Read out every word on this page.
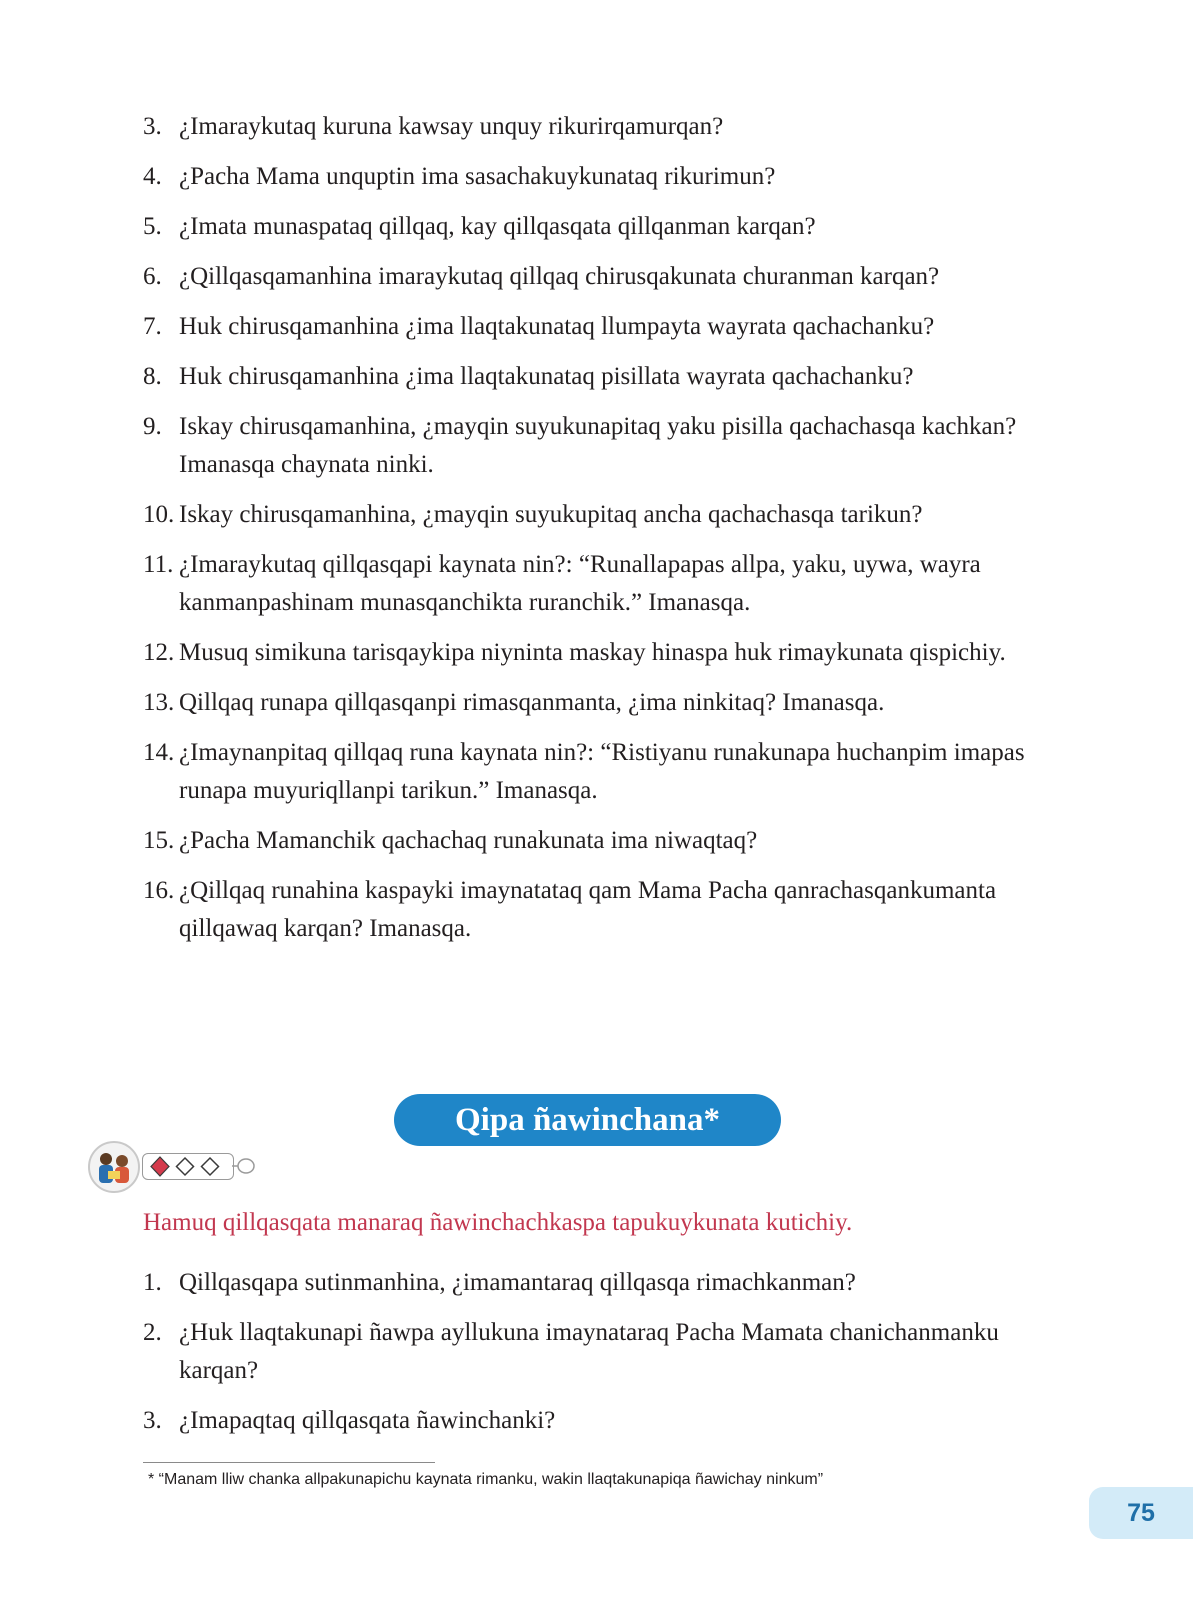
3. ¿Imaraykutaq kuruna kawsay unquy rikurirqamurqan?
4. ¿Pacha Mama unquptin ima sasachakuykunataq rikurimun?
5. ¿Imata munaspataq qillqaq, kay qillqasqata qillqanman karqan?
6. ¿Qillqasqamanhina imaraykutaq qillqaq chirusqakunata churanman karqan?
7. Huk chirusqamanhina ¿ima llaqtakunataq llumpayta wayrata qachachanku?
8. Huk chirusqamanhina ¿ima llaqtakunataq pisillata wayrata qachachanku?
9. Iskay chirusqamanhina, ¿mayqin suyukunapitaq yaku pisilla qachachasqa kachkan? Imanasqa chaynata ninki.
10. Iskay chirusqamanhina, ¿mayqin suyukupitaq ancha qachachasqa tarikun?
11. ¿Imaraykutaq qillqasqapi kaynata nin?: “Runallapapas allpa, yaku, uywa, wayra kanmanpashinam munasqanchikta ruranchik.” Imanasqa.
12. Musuq simikuna tarisqaykipa niyninta maskay hinaspa huk rimaykunata qispichiy.
13. Qillqaq runapa qillqasqanpi rimasqanmanta, ¿ima ninkitaq? Imanasqa.
14. ¿Imaynanpitaq qillqaq runa kaynata nin?: “Ristiyanu runakunapa huchanpim imapas runapa muyuriqllanpi tarikun.” Imanasqa.
15. ¿Pacha Mamanchik qachachaq runakunata ima niwaqtaq?
16. ¿Qillqaq runahina kaspayki imaynatataq qam Mama Pacha qanrachasqankumanta qillqawaq karqan? Imanasqa.
Qipa ñawinchana*
Hamuq qillqasqata manaraq ñawinchachkaspa tapukuykunata kutichiy.
1. Qillqasqapa sutinmanhina, ¿imamantaraq qillqasqa rimachkanman?
2. ¿Huk llaqtakunapi ñawpa ayllukuna imaynataraq Pacha Mamata chanichanmanku karqan?
3. ¿Imapaqtaq qillqasqata ñawinchanki?
* “Manam lliw chanka allpakunapichu kaynata rimanku, wakin llaqtakunapiqa ñawichay ninkum”
75
